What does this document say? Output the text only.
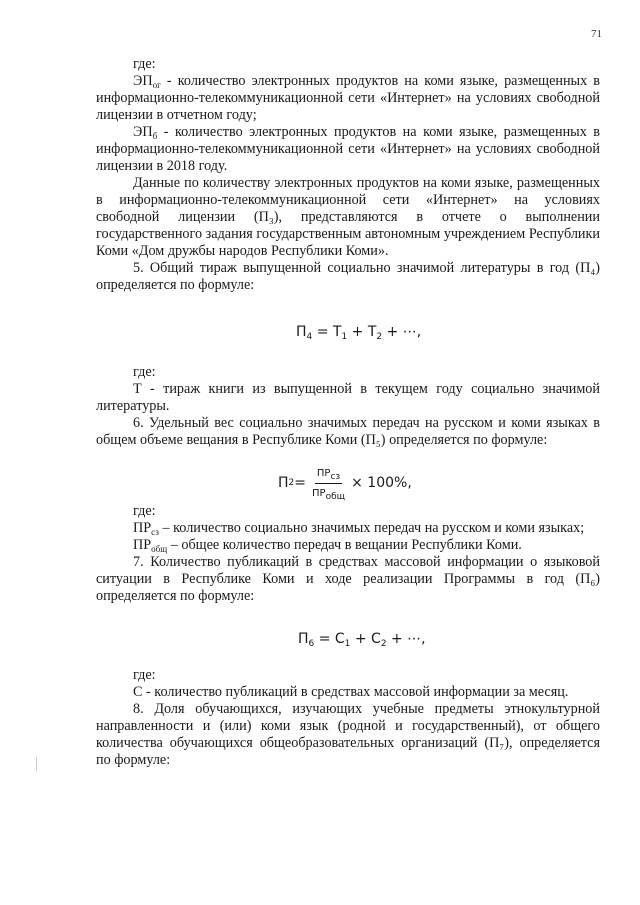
71

где:

$ЭП_{ог}$ - количество электронных продуктов на коми языке, размещенных в информационно-телекоммуникационной сети «Интернет» на условиях свободной лицензии в отчетном году;

$ЭП_б$ - количество электронных продуктов на коми языке, размещенных в информационно-телекоммуникационной сети «Интернет» на условиях свободной лицензии в 2018 году.

Данные по количеству электронных продуктов на коми языке, размещенных в информационно-телекоммуникационной сети «Интернет» на условиях свободной лицензии (П₃), представляются в отчете о выполнении государственного задания государственным автономным учреждением Республики Коми «Дом дружбы народов Республики Коми».

5. Общий тираж выпущенной социально значимой литературы в год (П₄) определяется по формуле:

$П_4 = Т_1 + Т_2$ + ⋯,

где:

Т - тираж книги из выпущенной в текущем году социально значимой литературы.

6. Удельный вес социально значимых передач на русском и коми языках в общем объеме вещания в Республике Коми (П₅) определяется по формуле:

П $2 = \frac{ПР_{сз}}{ПР_{общ}} \times 100\%$,

где:

$ПР_{сз}$ – количество социально значимых передач на русском и коми языках;

$ПР_{общ}$ – общее количество передач в вещании Республики Коми.

7. Количество публикаций в средствах массовой информации о языковой ситуации в Республике Коми и ходе реализации Программы в год (П₆) определяется по формуле:

$П_6 = С_1 + С_2$ + ⋯,

где:

С - количество публикаций в средствах массовой информации за месяц.

8. Доля обучающихся, изучающих учебные предметы этнокультурной направленности и (или) коми язык (родной и государственный), от общего количества обучающихся общеобразовательных организаций (П₇), определяется по формуле:
